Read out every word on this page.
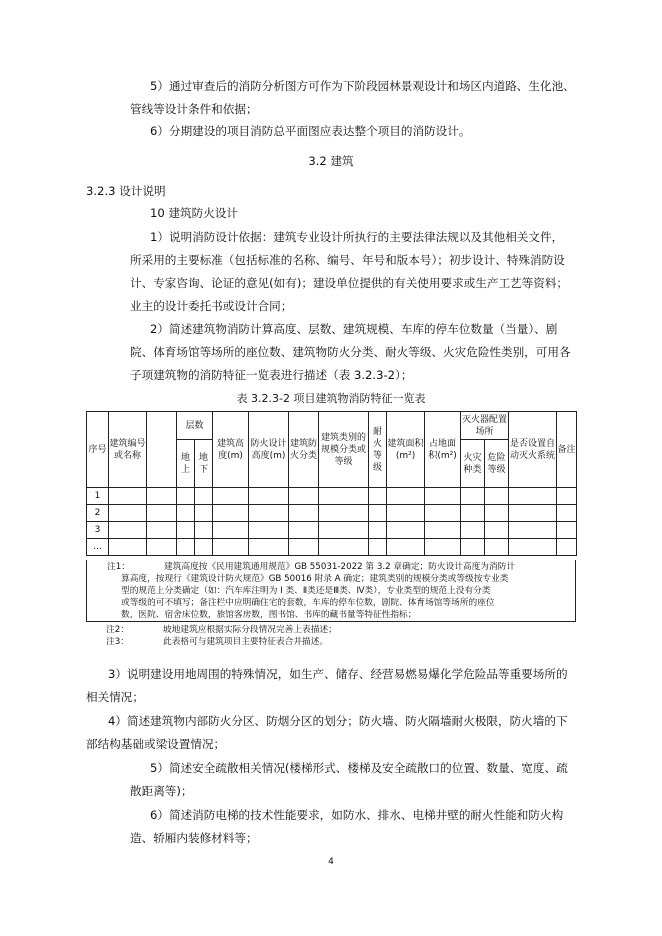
5）通过审查后的消防分析图方可作为下阶段园林景观设计和场区内道路、生化池、
管线等设计条件和依据；
6）分期建设的项目消防总平面图应表达整个项目的消防设计。
3.2 建筑
3.2.3 设计说明
10 建筑防火设计
1）说明消防设计依据：建筑专业设计所执行的主要法律法规以及其他相关文件，
所采用的主要标准（包括标准的名称、编号、年号和版本号）；初步设计、特殊消防设
计、专家咨询、论证的意见(如有)；建设单位提供的有关使用要求或生产工艺等资料；
业主的设计委托书或设计合同；
2）简述建筑物消防计算高度、层数、建筑规模、车库的停车位数量（当量）、剧
院、体育场馆等场所的座位数、建筑物防火分类、耐火等级、火灾危险性类别，可用各
子项建筑物的消防特征一览表进行描述（表 3.2.3-2）；
表 3.2.3-2 项目建筑物消防特征一览表
序号	建筑编号或名称		层数		建筑高度(m)	防火设计高度(m)	建筑防火分类	建筑类别的规模分类或等级	耐火等级	建筑面积(m²)	占地面积(m²)	灭火器配置场所		是否设置自动灭火系统	备注
			地上	地下								火灾种类	危险等级		
1															
2															
3															
…															
注1：	建筑高度按《民用建筑通用规范》GB 55031-2022 第 3.2 章确定；防火设计高度为消防计
算高度，按现行《建筑设计防火规范》GB 50016 附录 A 确定；建筑类别的规模分类或等级按专业类
型的规范上分类确定（如：汽车库注明为 I 类、Ⅱ类还是Ⅲ类、Ⅳ类），专业类型的规范上没有分类
或等级的可不填写；备注栏中应明确住宅的套数，车库的停车位数，剧院、体育场馆等场所的座位
数，医院、宿舍床位数，旅馆客房数，图书馆、书库的藏书量等特征性指标；
注2：	坡地建筑应根据实际分段情况完善上表描述；
注3：	此表格可与建筑项目主要特征表合并描述。
3）说明建设用地周围的特殊情况，如生产、储存、经营易燃易爆化学危险品等重要场所的
相关情况；
4）简述建筑物内部防火分区、防烟分区的划分；防火墙、防火隔墙耐火极限，防火墙的下
部结构基础或梁设置情况；
5）简述安全疏散相关情况(楼梯形式、楼梯及安全疏散口的位置、数量、宽度、疏
散距离等)；
6）简述消防电梯的技术性能要求，如防水、排水、电梯井壁的耐火性能和防火构
造、轿厢内装修材料等；
4
